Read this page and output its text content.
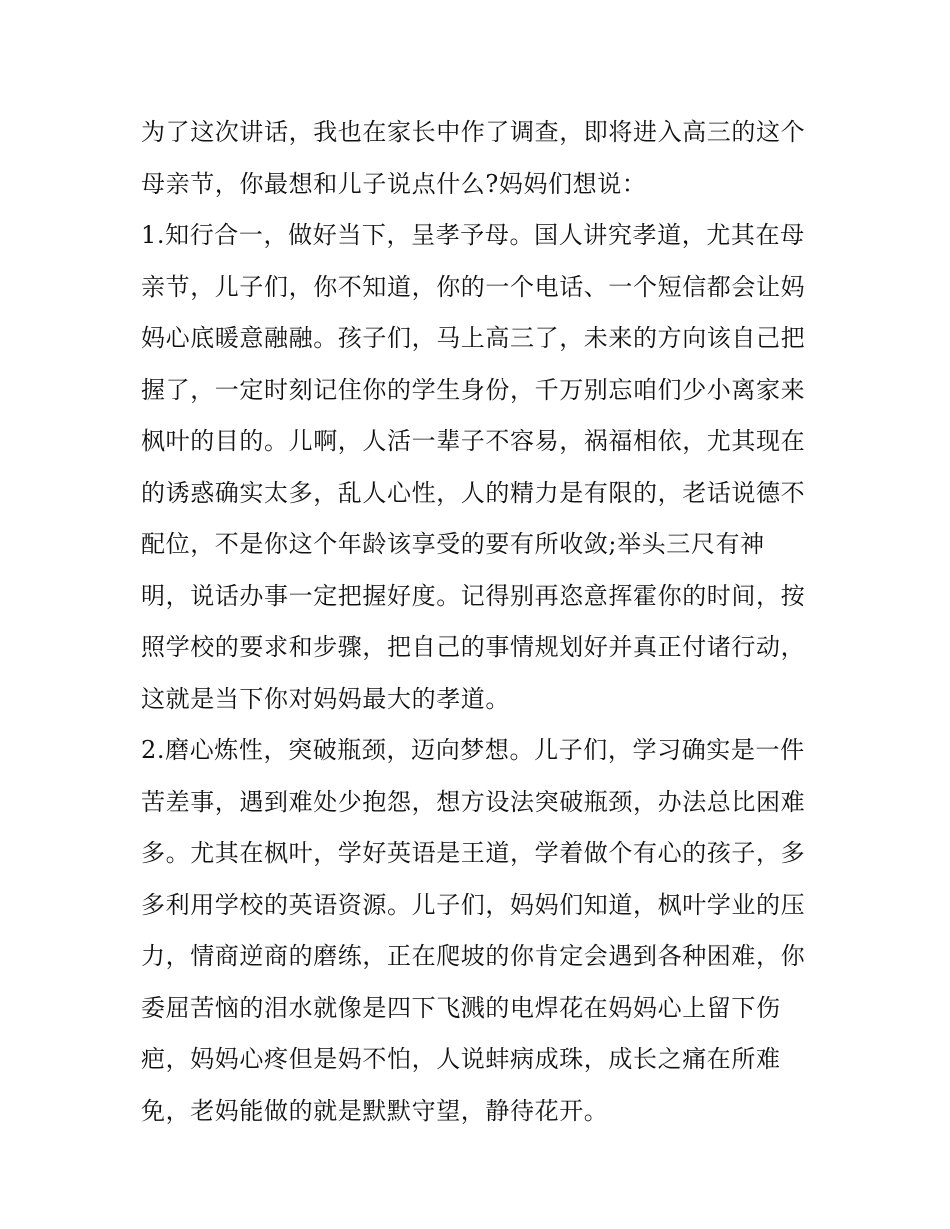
为了这次讲话，我也在家长中作了调查，即将进入高三的这个
母亲节，你最想和儿子说点什么?妈妈们想说：
1.知行合一，做好当下，呈孝予母。国人讲究孝道，尤其在母
亲节，儿子们，你不知道，你的一个电话、一个短信都会让妈
妈心底暖意融融。孩子们，马上高三了，未来的方向该自己把
握了，一定时刻记住你的学生身份，千万别忘咱们少小离家来
枫叶的目的。儿啊，人活一辈子不容易，祸福相依，尤其现在
的诱惑确实太多，乱人心性，人的精力是有限的，老话说德不
配位，不是你这个年龄该享受的要有所收敛;举头三尺有神
明，说话办事一定把握好度。记得别再恣意挥霍你的时间，按
照学校的要求和步骤，把自己的事情规划好并真正付诸行动，
这就是当下你对妈妈最大的孝道。
2.磨心炼性，突破瓶颈，迈向梦想。儿子们，学习确实是一件
苦差事，遇到难处少抱怨，想方设法突破瓶颈，办法总比困难
多。尤其在枫叶，学好英语是王道，学着做个有心的孩子，多
多利用学校的英语资源。儿子们，妈妈们知道，枫叶学业的压
力，情商逆商的磨练，正在爬坡的你肯定会遇到各种困难，你
委屈苦恼的泪水就像是四下飞溅的电焊花在妈妈心上留下伤
疤，妈妈心疼但是妈不怕，人说蚌病成珠，成长之痛在所难
免，老妈能做的就是默默守望，静待花开。
